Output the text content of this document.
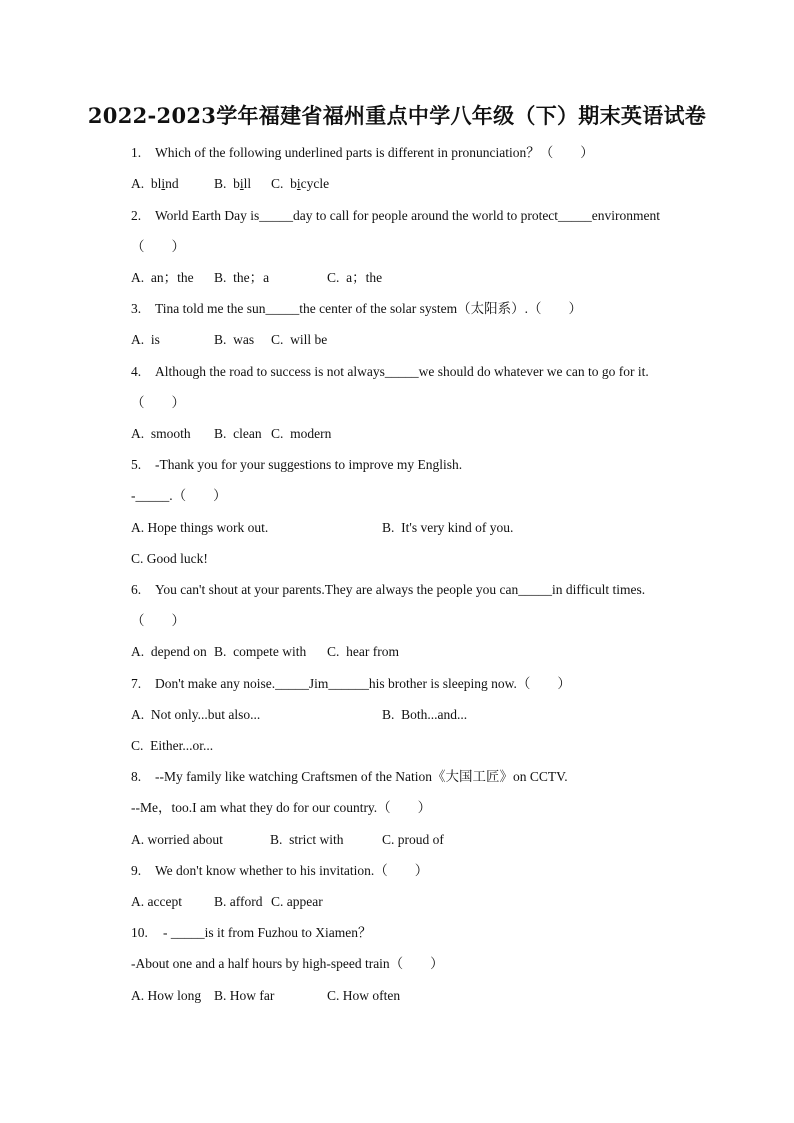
2022-2023学年福建省福州重点中学八年级（下）期末英语试卷
1. Which of the following underlined parts is different in pronunciation？（　　）
A. blind	B. bill C. bicycle
2. World Earth Day is_____day to call for people around the world to protect_____environment
（　　）
A. an；the B. the；a	C. a；the
3. Tina told me the sun_____the center of the solar system（太阳系）.（　　）
A. is	B. was C. will be
4. Although the road to success is not always_____we should do whatever we can to go for it.
（　　）
A. smooth B. clean C. modern
5. -Thank you for your suggestions to improve my English.
-_____.（　　）
A. Hope things work out.	B. It's very kind of you.
C. Good luck!
6. You can't shout at your parents.They are always the people you can_____in difficult times.
（　　）
A. depend on B. compete with C. hear from
7. Don't make any noise._____Jim______his brother is sleeping now.（　　）
A. Not only...but also...	B. Both...and...
C. Either...or...
8. --My family like watching Craftsmen of the Nation《大国工匠》on CCTV.
--Me，too.I am what they do for our country.（　　）
A. worried about	B. strict with	C. proud of
9. We don't know whether to his invitation.（　　）
A. accept B. afford C. appear
10. - _____is it from Fuzhou to Xiamen？
-About one and a half hours by high-speed train（　　）
A. How long B. How far	C. How often
